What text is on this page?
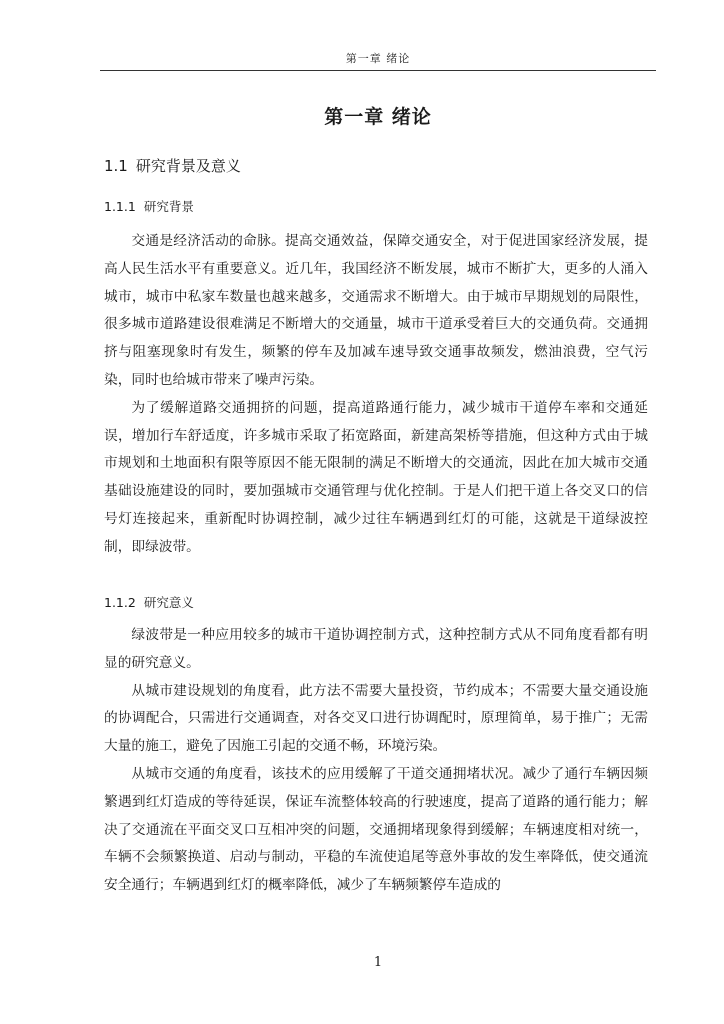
第一章 绪论
第一章 绪论
1.1 研究背景及意义
1.1.1 研究背景

交通是经济活动的命脉。提高交通效益，保障交通安全，对于促进国家经济发展，提高人民生活水平有重要意义。近几年，我国经济不断发展，城市不断扩大，更多的人涌入城市，城市中私家车数量也越来越多，交通需求不断增大。由于城市早期规划的局限性，很多城市道路建设很难满足不断增大的交通量，城市干道承受着巨大的交通负荷。交通拥挤与阻塞现象时有发生，频繁的停车及加减车速导致交通事故频发，燃油浪费，空气污染，同时也给城市带来了噪声污染。

为了缓解道路交通拥挤的问题，提高道路通行能力，减少城市干道停车率和交通延误，增加行车舒适度，许多城市采取了拓宽路面，新建高架桥等措施，但这种方式由于城市规划和土地面积有限等原因不能无限制的满足不断增大的交通流，因此在加大城市交通基础设施建设的同时，要加强城市交通管理与优化控制。于是人们把干道上各交叉口的信号灯连接起来，重新配时协调控制，减少过往车辆遇到红灯的可能，这就是干道绿波控制，即绿波带。

1.1.2 研究意义

绿波带是一种应用较多的城市干道协调控制方式，这种控制方式从不同角度看都有明显的研究意义。

从城市建设规划的角度看，此方法不需要大量投资，节约成本；不需要大量交通设施的协调配合，只需进行交通调查，对各交叉口进行协调配时，原理简单，易于推广；无需大量的施工，避免了因施工引起的交通不畅，环境污染。

从城市交通的角度看，该技术的应用缓解了干道交通拥堵状况。减少了通行车辆因频繁遇到红灯造成的等待延误，保证车流整体较高的行驶速度，提高了道路的通行能力；解决了交通流在平面交叉口互相冲突的问题，交通拥堵现象得到缓解；车辆速度相对统一，车辆不会频繁换道、启动与制动，平稳的车流使追尾等意外事故的发生率降低，使交通流安全通行；车辆遇到红灯的概率降低，减少了车辆频繁停车造成的

1
